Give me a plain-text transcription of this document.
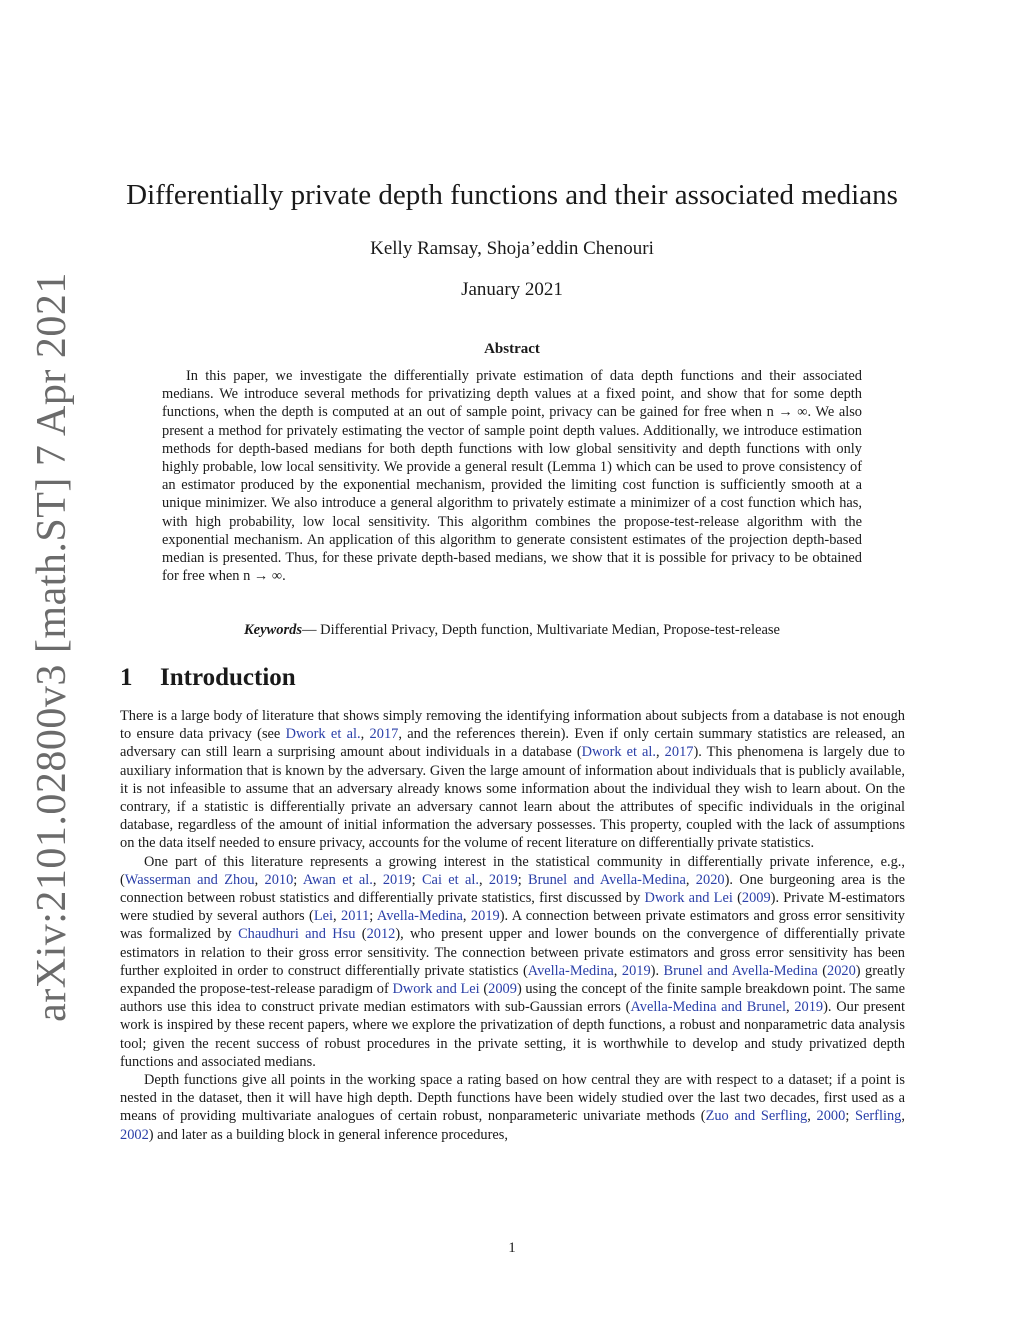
arXiv:2101.02800v3 [math.ST] 7 Apr 2021
Differentially private depth functions and their associated medians
Kelly Ramsay, Shoja’eddin Chenouri
January 2021
Abstract
In this paper, we investigate the differentially private estimation of data depth functions and their associated medians. We introduce several methods for privatizing depth values at a fixed point, and show that for some depth functions, when the depth is computed at an out of sample point, privacy can be gained for free when n → ∞. We also present a method for privately estimating the vector of sample point depth values. Additionally, we introduce estimation methods for depth-based medians for both depth functions with low global sensitivity and depth functions with only highly probable, low local sensitivity. We provide a general result (Lemma 1) which can be used to prove consistency of an estimator produced by the exponential mechanism, provided the limiting cost function is sufficiently smooth at a unique minimizer. We also introduce a general algorithm to privately estimate a minimizer of a cost function which has, with high probability, low local sensitivity. This algorithm combines the propose-test-release algorithm with the exponential mechanism. An application of this algorithm to generate consistent estimates of the projection depth-based median is presented. Thus, for these private depth-based medians, we show that it is possible for privacy to be obtained for free when n → ∞.
Keywords— Differential Privacy, Depth function, Multivariate Median, Propose-test-release
1 Introduction

There is a large body of literature that shows simply removing the identifying information about subjects from a database is not enough to ensure data privacy (see Dwork et al., 2017, and the references therein). Even if only certain summary statistics are released, an adversary can still learn a surprising amount about individuals in a database (Dwork et al., 2017). This phenomena is largely due to auxiliary information that is known by the adversary. Given the large amount of information about individuals that is publicly available, it is not infeasible to assume that an adversary already knows some information about the individual they wish to learn about. On the contrary, if a statistic is differentially private an adversary cannot learn about the attributes of specific individuals in the original database, regardless of the amount of initial information the adversary possesses. This property, coupled with the lack of assumptions on the data itself needed to ensure privacy, accounts for the volume of recent literature on differentially private statistics.

One part of this literature represents a growing interest in the statistical community in differentially private inference, e.g., (Wasserman and Zhou, 2010; Awan et al., 2019; Cai et al., 2019; Brunel and Avella-Medina, 2020). One burgeoning area is the connection between robust statistics and differentially private statistics, first discussed by Dwork and Lei (2009). Private M-estimators were studied by several authors (Lei, 2011; Avella-Medina, 2019). A connection between private estimators and gross error sensitivity was formalized by Chaudhuri and Hsu (2012), who present upper and lower bounds on the convergence of differentially private estimators in relation to their gross error sensitivity. The connection between private estimators and gross error sensitivity has been further exploited in order to construct differentially private statistics (Avella-Medina, 2019). Brunel and Avella-Medina (2020) greatly expanded the propose-test-release paradigm of Dwork and Lei (2009) using the concept of the finite sample breakdown point. The same authors use this idea to construct private median estimators with sub-Gaussian errors (Avella-Medina and Brunel, 2019). Our present work is inspired by these recent papers, where we explore the privatization of depth functions, a robust and nonparametric data analysis tool; given the recent success of robust procedures in the private setting, it is worthwhile to develop and study privatized depth functions and associated medians.

Depth functions give all points in the working space a rating based on how central they are with respect to a dataset; if a point is nested in the dataset, then it will have high depth. Depth functions have been widely studied over the last two decades, first used as a means of providing multivariate analogues of certain robust, nonparameteric univariate methods (Zuo and Serfling, 2000; Serfling, 2002) and later as a building block in general inference procedures,

1
